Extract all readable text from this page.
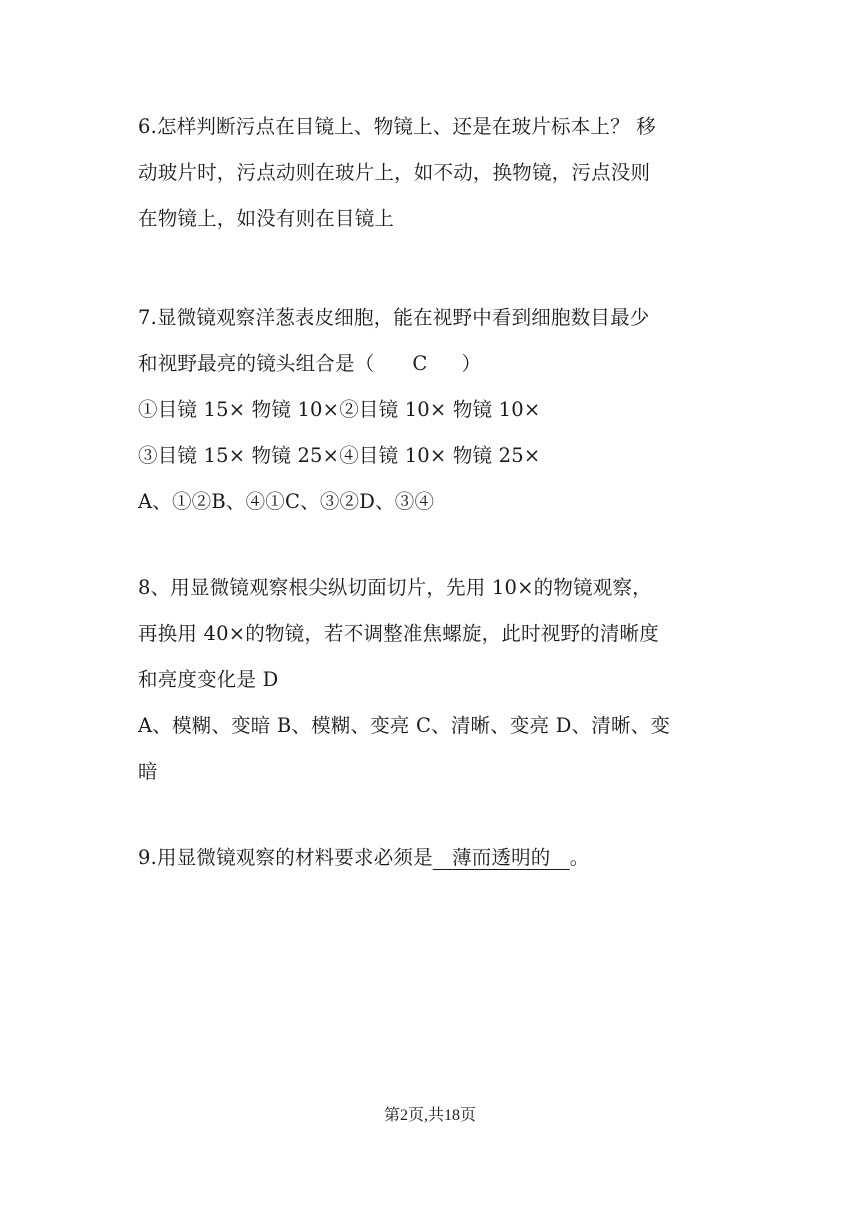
6.怎样判断污点在目镜上、物镜上、还是在玻片标本上？ 移
动玻片时，污点动则在玻片上，如不动，换物镜，污点没则
在物镜上，如没有则在目镜上
7.显微镜观察洋葱表皮细胞，能在视野中看到细胞数目最少
和视野最亮的镜头组合是（ C ）
①目镜 15× 物镜 10×②目镜 10× 物镜 10×
③目镜 15× 物镜 25×④目镜 10× 物镜 25×
A、①②B、④①C、③②D、③④
8、用显微镜观察根尖纵切面切片，先用 10×的物镜观察，
再换用 40×的物镜，若不调整准焦螺旋，此时视野的清晰度
和亮度变化是 D
A、模糊、变暗 B、模糊、变亮 C、清晰、变亮 D、清晰、变
暗
9.用显微镜观察的材料要求必须是   薄而透明的   。
第2页,共18页
